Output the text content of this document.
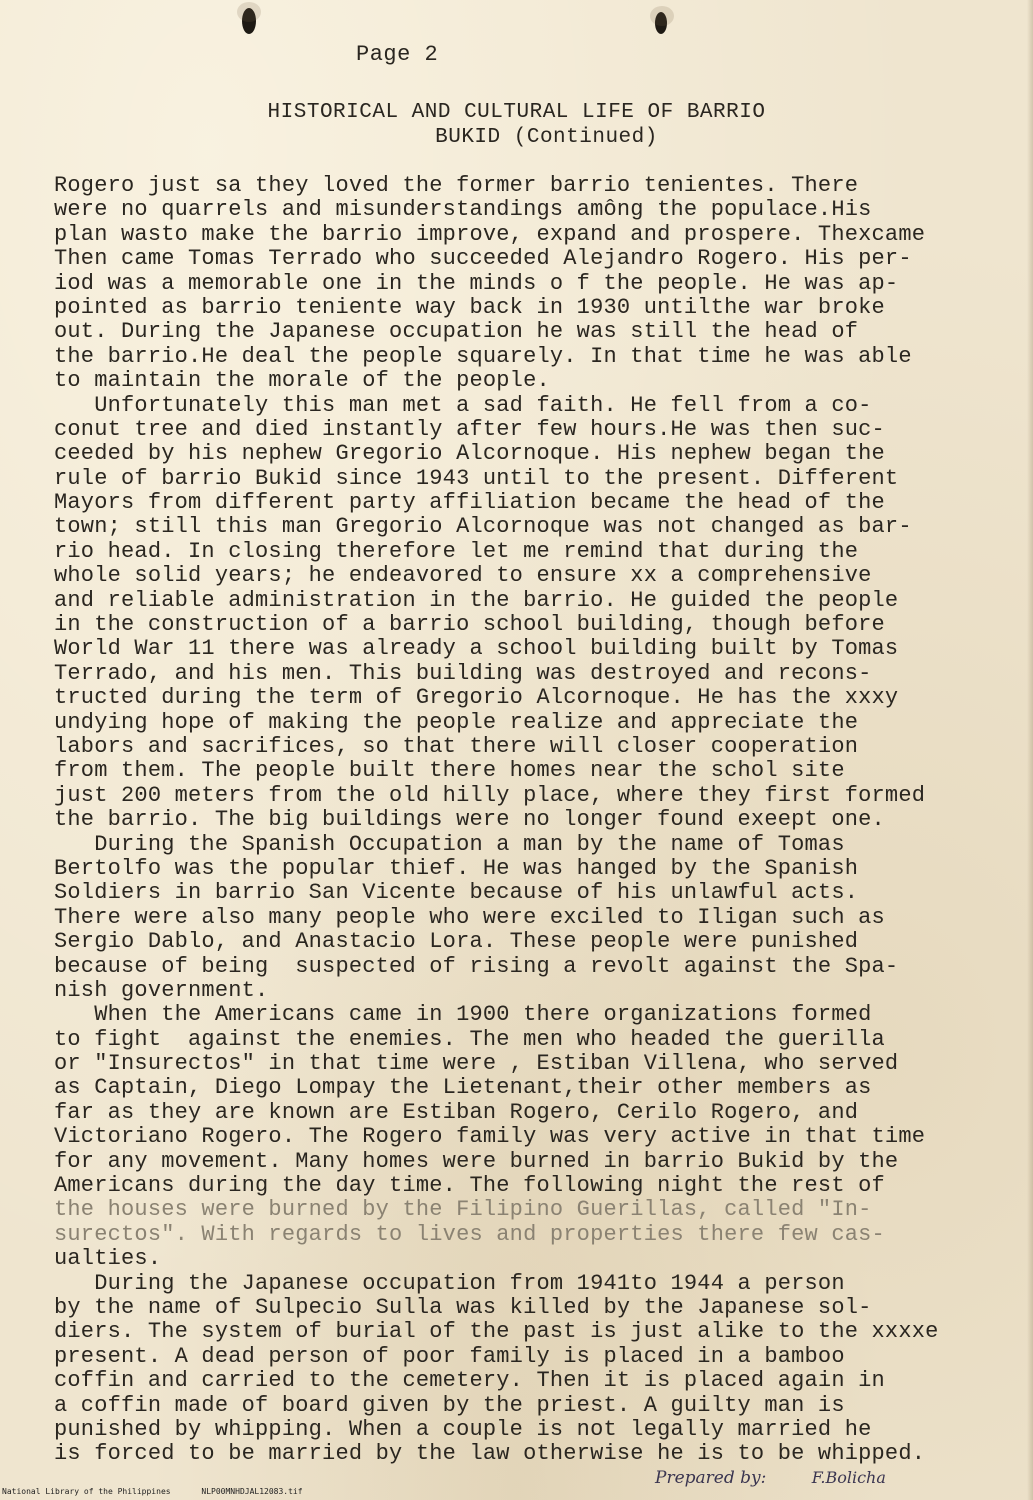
Page 2
HISTORICAL AND CULTURAL LIFE OF BARRIO
BUKID (Continued)
Rogero just sa they loved the former barrio tenientes. There
were no quarrels and misunderstandings amông the populace.His
plan wasto make the barrio improve, expand and prospere. Thexcame
Then came Tomas Terrado who succeeded Alejandro Rogero. His per-
iod was a memorable one in the minds o f the people. He was ap-
pointed as barrio teniente way back in 1930 untilthe war broke
out. During the Japanese occupation he was still the head of
the barrio.He deal the people squarely. In that time he was able
to maintain the morale of the people.
Unfortunately this man met a sad faith. He fell from a co-
conut tree and died instantly after few hours.He was then suc-
ceeded by his nephew Gregorio Alcornoque. His nephew began the
rule of barrio Bukid since 1943 until to the present. Different
Mayors from different party affiliation became the head of the
town; still this man Gregorio Alcornoque was not changed as bar-
rio head. In closing therefore let me remind that during the
whole solid years; he endeavored to ensure xx a comprehensive
and reliable administration in the barrio. He guided the people
in the construction of a barrio school building, though before
World War 11 there was already a school building built by Tomas
Terrado, and his men. This building was destroyed and recons-
tructed during the term of Gregorio Alcornoque. He has the xxxy
undying hope of making the people realize and appreciate the
labors and sacrifices, so that there will closer cooperation
from them. The people built there homes near the schol site
just 200 meters from the old hilly place, where they first formed
the barrio. The big buildings were no longer found exeept one.
During the Spanish Occupation a man by the name of Tomas
Bertolfo was the popular thief. He was hanged by the Spanish
Soldiers in barrio San Vicente because of his unlawful acts.
There were also many people who were exciled to Iligan such as
Sergio Dablo, and Anastacio Lora. These people were punished
because of being  suspected of rising a revolt against the Spa-
nish government.
When the Americans came in 1900 there organizations formed
to fight  against the enemies. The men who headed the guerilla
or "Insurectos" in that time were , Estiban Villena, who served
as Captain, Diego Lompay the Lietenant,their other members as
far as they are known are Estiban Rogero, Cerilo Rogero, and
Victoriano Rogero. The Rogero family was very active in that time
for any movement. Many homes were burned in barrio Bukid by the
Americans during the day time. The following night the rest of
the houses were burned by the Filipino Guerillas, called "In-
surectos". With regards to lives and properties there few cas-
ualties.
During the Japanese occupation from 1941to 1944 a person
by the name of Sulpecio Sulla was killed by the Japanese sol-
diers. The system of burial of the past is just alike to the xxxxe
present. A dead person of poor family is placed in a bamboo
coffin and carried to the cemetery. Then it is placed again in
a coffin made of board given by the priest. A guilty man is
punished by whipping. When a couple is not legally married he
is forced to be married by the law otherwise he is to be whipped.
Prepared by:	F.Bolicha
National Library of the Philippines	NLP00MNHDJAL12083.tif
